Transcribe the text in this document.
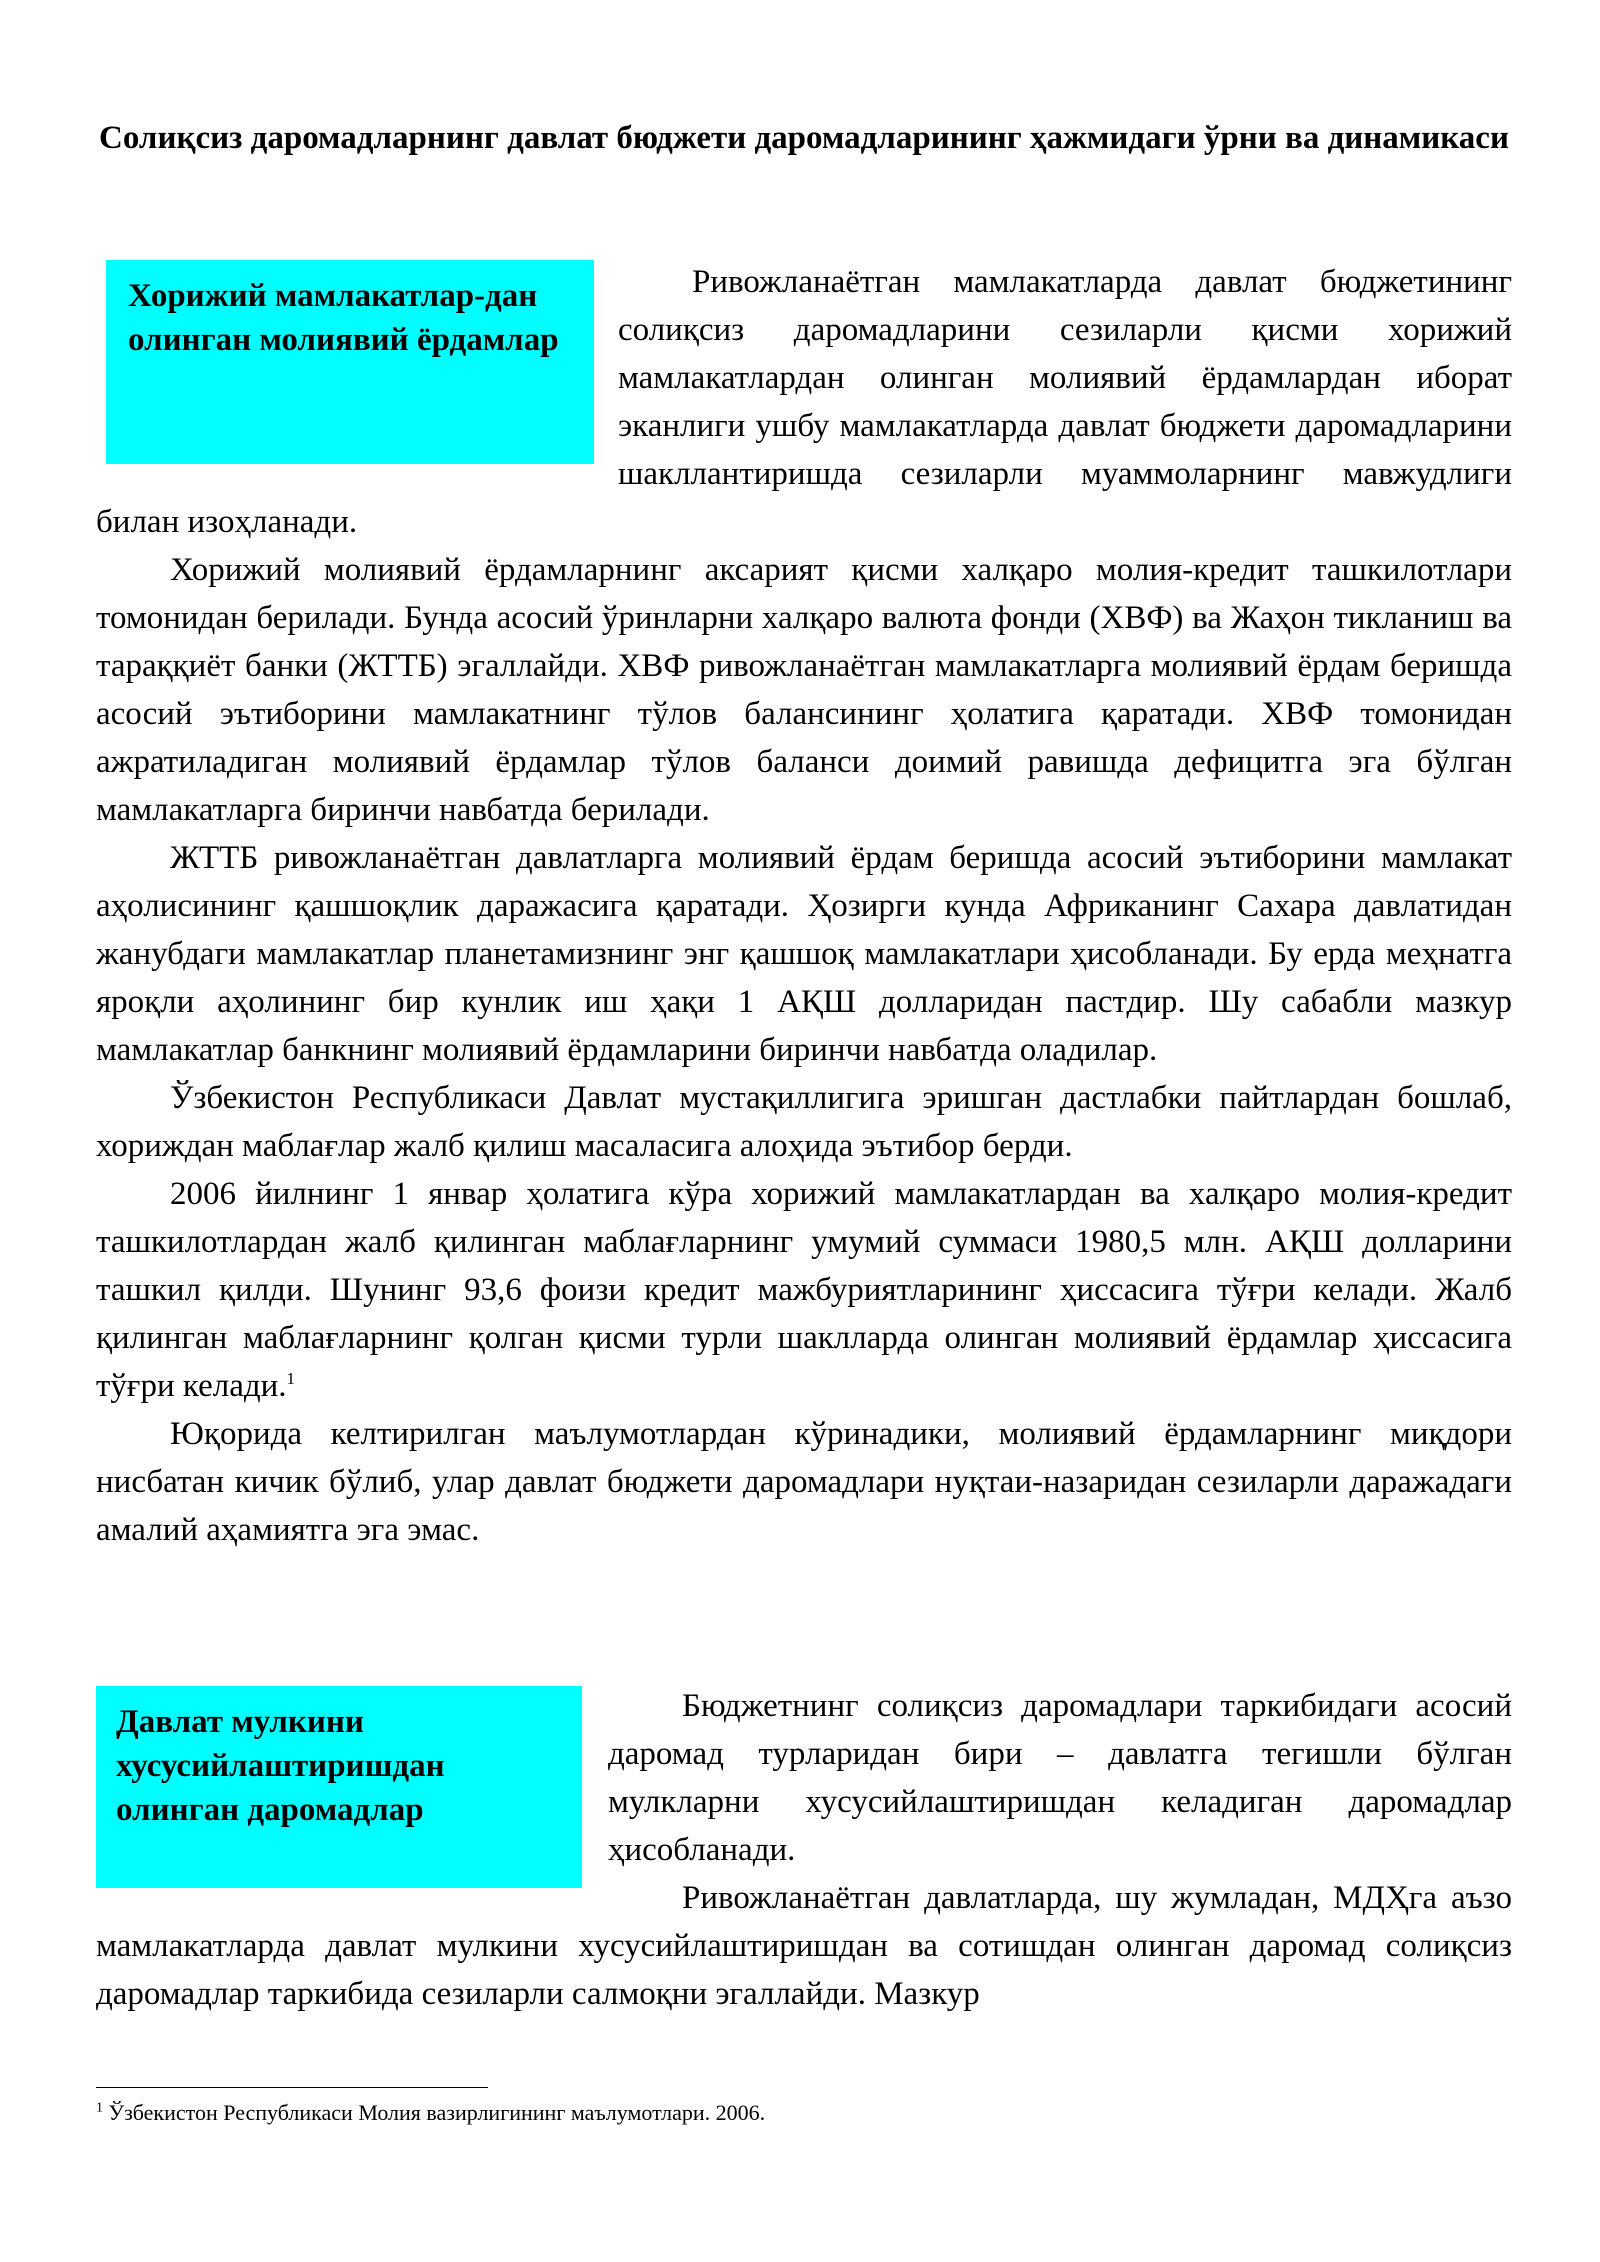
Солиқсиз даромадларнинг давлат бюджети даромадларининг ҳажмидаги ўрни ва динамикаси
Хорижий мамлакатлар-дан олинган молиявий ёрдамлар

Ривожланаётган мамлакатларда давлат бюджетининг солиқсиз даромадларини сезиларли қисми хорижий мамлакатлардан олинган молиявий ёрдамлардан иборат эканлиги ушбу мамлакатларда давлат бюджети даромадларини шакллантиришда сезиларли муаммоларнинг мавжудлиги билан изоҳланади.

Хорижий молиявий ёрдамларнинг аксарият қисми халқаро молия-кредит ташкилотлари томонидан берилади. Бунда асосий ўринларни халқаро валюта фонди (ХВФ) ва Жаҳон тикланиш ва тараққиёт банки (ЖТТБ) эгаллайди. ХВФ ривожланаётган мамлакатларга молиявий ёрдам беришда асосий эътиборини мамлакатнинг тўлов балансининг ҳолатига қаратади. ХВФ томонидан ажратиладиган молиявий ёрдамлар тўлов баланси доимий равишда дефицитга эга бўлган мамлакатларга биринчи навбатда берилади.

ЖТТБ ривожланаётган давлатларга молиявий ёрдам беришда асосий эътиборини мамлакат аҳолисининг қашшоқлик даражасига қаратади. Ҳозирги кунда Африканинг Сахара давлатидан жанубдаги мамлакатлар планетамизнинг энг қашшоқ мамлакатлари ҳисобланади. Бу ерда меҳнатга яроқли аҳолининг бир кунлик иш ҳақи 1 АҚШ долларидан пастдир. Шу сабабли мазкур мамлакатлар банкнинг молиявий ёрдамларини биринчи навбатда оладилар.

Ўзбекистон Республикаси Давлат мустақиллигига эришган дастлабки пайтлардан бошлаб, хориждан маблағлар жалб қилиш масаласига алоҳида эътибор берди.

2006 йилнинг 1 январ ҳолатига кўра хорижий мамлакатлардан ва халқаро молия-кредит ташкилотлардан жалб қилинган маблағларнинг умумий суммаси 1980,5 млн. АҚШ долларини ташкил қилди. Шунинг 93,6 фоизи кредит мажбуриятларининг ҳиссасига тўғри келади. Жалб қилинган маблағларнинг қолган қисми турли шаклларда олинган молиявий ёрдамлар ҳиссасига тўғри келади.$^1$

Юқорида келтирилган маълумотлардан кўринадики, молиявий ёрдамларнинг миқдори нисбатан кичик бўлиб, улар давлат бюджети даромадлари нуқтаи-назаридан сезиларли даражадаги амалий аҳамиятга эга эмас.

Давлат мулкини хусусийлаштиришдан олинган даромадлар

Бюджетнинг солиқсиз даромадлари таркибидаги асосий даромад турларидан бири – давлатга тегишли бўлган мулкларни хусусийлаштиришдан келадиган даромадлар ҳисобланади.

Ривожланаётган давлатларда, шу жумладан, МДҲга аъзо мамлакатларда давлат мулкини хусусийлаштиришдан ва сотишдан олинган даромад солиқсиз даромадлар таркибида сезиларли салмоқни эгаллайди. Мазкур

$^1$ Ўзбекистон Республикаси Молия вазирлигининг маълумотлари. 2006.
